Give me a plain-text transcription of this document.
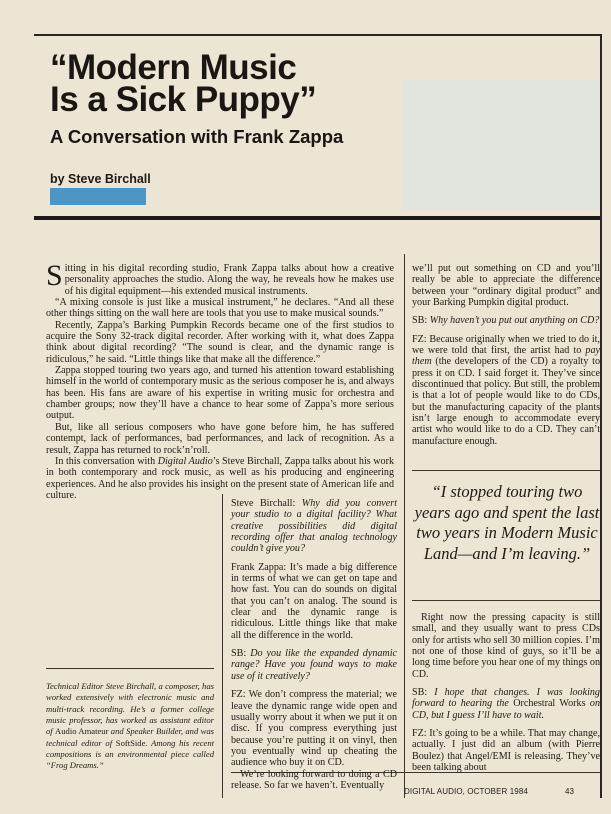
“Modern Music
Is a Sick Puppy”
A Conversation with Frank Zappa
by Steve Birchall

Sitting in his digital recording studio, Frank Zappa talks about how a creative personality approaches the studio. Along the way, he reveals how he makes use of his digital equipment—his extended musical instruments.

“A mixing console is just like a musical instrument,” he declares. “And all these other things sitting on the wall here are tools that you use to make musical sounds.”

Recently, Zappa’s Barking Pumpkin Records became one of the first studios to acquire the Sony 32-track digital recorder. After working with it, what does Zappa think about digital recording? “The sound is clear, and the dynamic range is ridiculous,” he said. “Little things like that make all the difference.”

Zappa stopped touring two years ago, and turned his attention toward establishing himself in the world of contemporary music as the serious composer he is, and always has been. His fans are aware of his expertise in writing music for orchestra and chamber groups; now they’ll have a chance to hear some of Zappa’s more serious output.

But, like all serious composers who have gone before him, he has suffered contempt, lack of performances, bad performances, and lack of recognition. As a result, Zappa has returned to rock’n’roll.

In this conversation with Digital Audio’s Steve Birchall, Zappa talks about his work in both contemporary and rock music, as well as his producing and engineering experiences. And he also provides his insight on the present state of American life and culture.

we’ll put out something on CD and you’ll really be able to appreciate the difference between your “ordinary digital product” and your Barking Pumpkin digital product.

SB: Why haven’t you put out anything on CD?

FZ: Because originally when we tried to do it, we were told that first, the artist had to pay them (the developers of the CD) a royalty to press it on CD. I said forget it. They’ve since discontinued that policy. But still, the problem is that a lot of people would like to do CDs, but the manufacturing capacity of the plants isn’t large enough to accommodate every artist who would like to do a CD. They can’t manufacture enough.

“I stopped touring two years ago and spent the last two years in Modern Music Land—and I’m leaving.”

Steve Birchall: Why did you convert your studio to a digital facility? What creative possibilities did digital recording offer that analog technology couldn’t give you?

Frank Zappa: It’s made a big difference in terms of what we can get on tape and how fast. You can do sounds on digital that you can’t on analog. The sound is clear and the dynamic range is ridiculous. Little things like that make all the difference in the world.

SB: Do you like the expanded dynamic range? Have you found ways to make use of it creatively?

FZ: We don’t compress the material; we leave the dynamic range wide open and usually worry about it when we put it on disc. If you compress everything just because you’re putting it on vinyl, then you eventually wind up cheating the audience who buy it on CD.

We’re looking forward to doing a CD release. So far we haven’t. Eventually

Right now the pressing capacity is still small, and they usually want to press CDs only for artists who sell 30 million copies. I’m not one of those kind of guys, so it’ll be a long time before you hear one of my things on CD.

SB: I hope that changes. I was looking forward to hearing the Orchestral Works on CD, but I guess I’ll have to wait.

FZ: It’s going to be a while. That may change, actually. I just did an album (with Pierre Boulez) that Angel/EMI is releasing. They’ve been talking about

Technical Editor Steve Birchall, a composer, has worked extensively with electronic music and multi-track recording. He’s a former college music professor, has worked as assistant editor of Audio Amateur and Speaker Builder, and was technical editor of SoftSide. Among his recent compositions is an environmental piece called “Frog Dreams.”
DIGITAL AUDIO, OCTOBER 1984	43
